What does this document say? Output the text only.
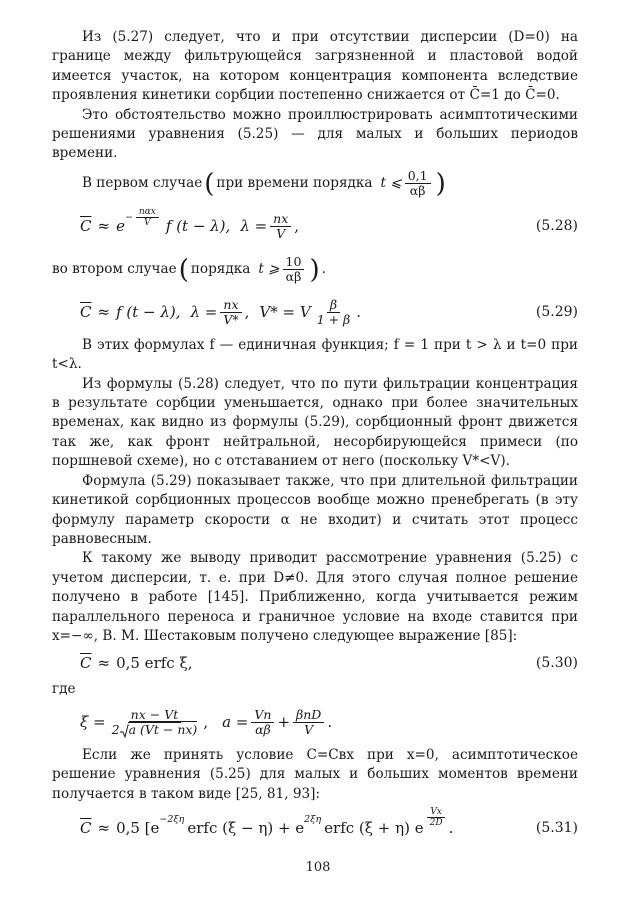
Из (5.27) следует, что и при отсутствии дисперсии (D=0) на границе между фильтрующейся загрязненной и пластовой водой имеется участок, на котором концентрация компонента вследствие проявления кинетики сорбции постепенно снижается от C̄=1 до C̄=0.

Это обстоятельство можно проиллюстрировать асимптотическими решениями уравнения (5.25) — для малых и больших периодов времени.

В первом случае ( при времени порядка t ⩽ $\frac{0,1}{\alpha\beta}$ )
$\overline{C} \approx e - \frac{\text{nαx}}{V}$ f (t − λ), $\lambda = \frac{nx}{V}$ ,	(5.28)
во втором случае ( порядка t ⩾ $\frac{10}{\alpha\beta}$ ) .
$\overline{C} \approx f$ (t − λ), $\lambda = \frac{nx}{V*}$ , V* = V $\frac{\beta}{1 + \beta}$ .	(5.29)

В этих формулах f — единичная функция; f = 1 при t > λ и t=0 при t<λ.

Из формулы (5.28) следует, что по пути фильтрации концентрация в результате сорбции уменьшается, однако при более значительных временах, как видно из формулы (5.29), сорбционный фронт движется так же, как фронт нейтральной, несорбирующейся примеси (по поршневой схеме), но с отставанием от него (поскольку V*<V).

Формула (5.29) показывает также, что при длительной фильтрации кинетикой сорбционных процессов вообще можно пренебрегать (в эту формулу параметр скорости α не входит) и считать этот процесс равновесным.

К такому же выводу приводит рассмотрение уравнения (5.25) с учетом дисперсии, т. е. при D≠0. Для этого случая полное решение получено в работе [145]. Приближенно, когда учитывается режим параллельного переноса и граничное условие на входе ставится при x=−∞, В. М. Шестаковым получено следующее выражение [85]:

$\overline{C} \approx 0,5$ erfc ξ,	(5.30)

где

$\xi = \frac{nx - Vt}{2 a (Vt - nx)}$ , $a = \frac{Vn}{\alpha\beta} + \frac{\text{βnD}}{V}$ .

Если же принять условие C=Cвх при x=0, асимптотическое решение уравнения (5.25) для малых и больших моментов времени получается в таком виде [25, 81, 93]:

$\overline{C} \approx 0,5$ [e −2ξη erfc (ξ − η) + e 2ξη erfc (ξ + η) e $\frac{Vx}{2D}$ .	(5.31)
108
